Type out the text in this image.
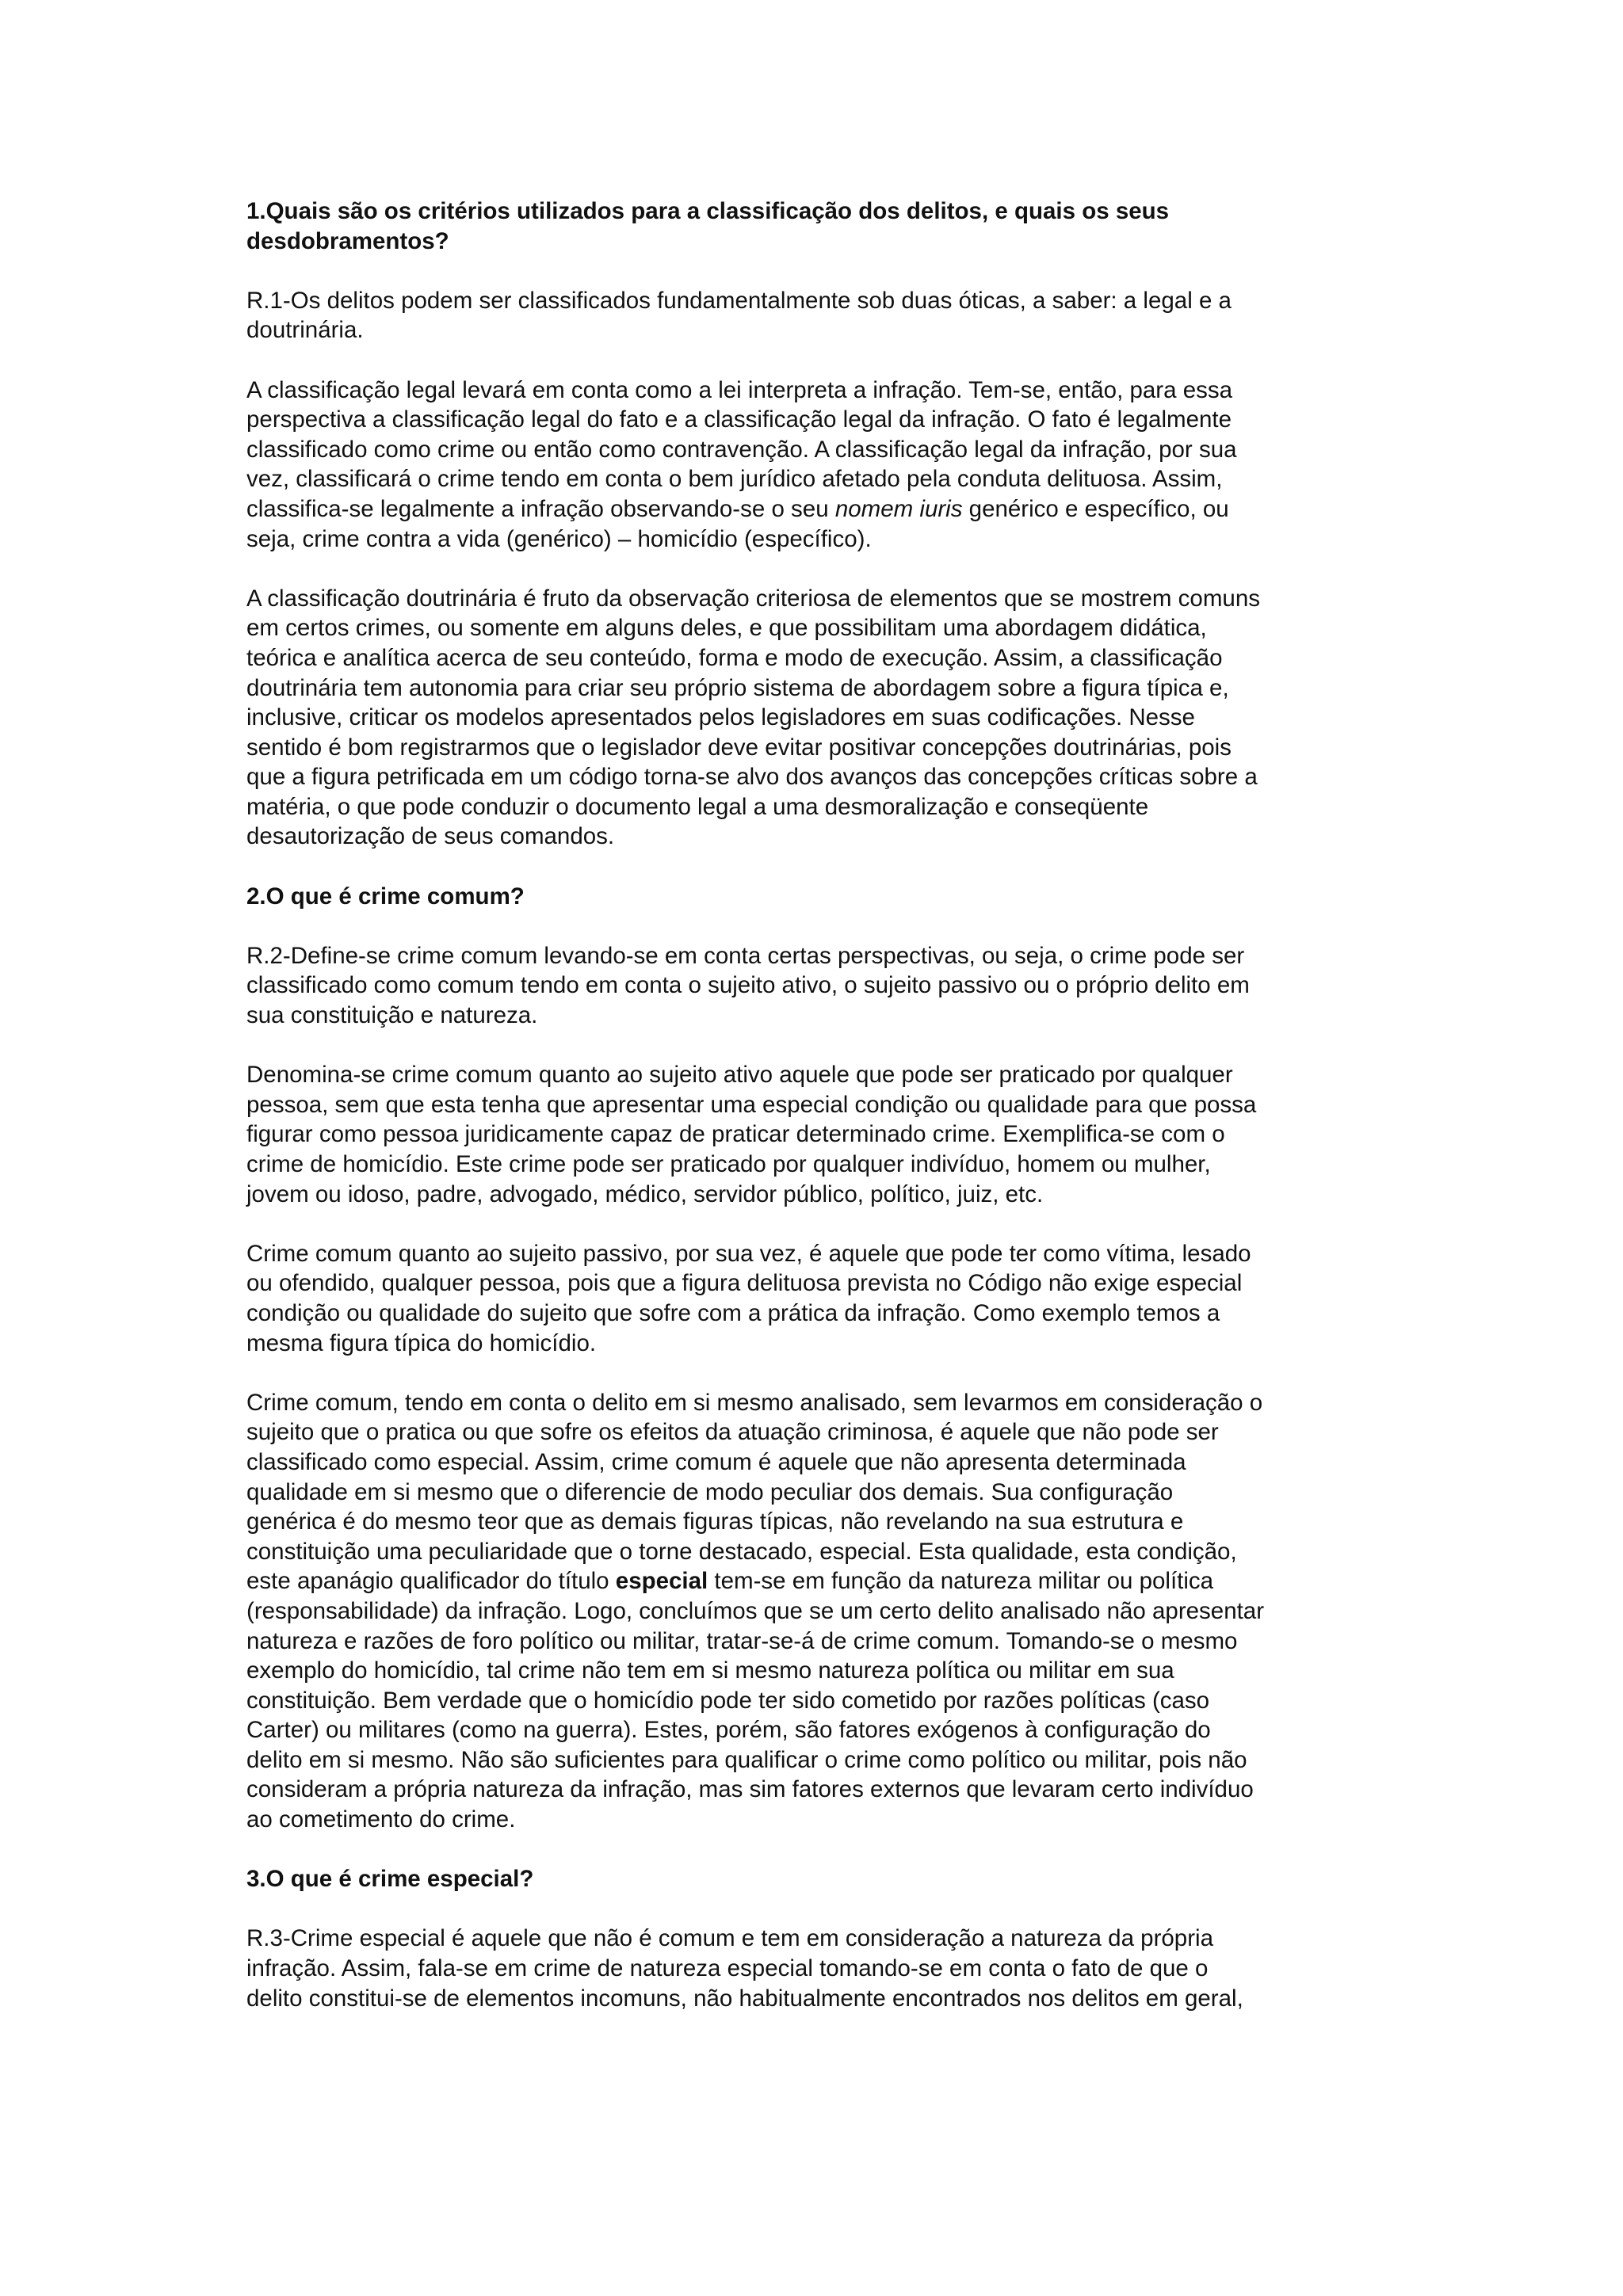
1.Quais são os critérios utilizados para a classificação dos delitos, e quais os seus
desdobramentos?

R.1-Os delitos podem ser classificados fundamentalmente sob duas óticas, a saber: a legal e a
doutrinária.

A classificação legal levará em conta como a lei interpreta a infração. Tem-se, então, para essa
perspectiva a classificação legal do fato e a classificação legal da infração. O fato é legalmente
classificado como crime ou então como contravenção. A classificação legal da infração, por sua
vez, classificará o crime tendo em conta o bem jurídico afetado pela conduta delituosa. Assim,
classifica-se legalmente a infração observando-se o seu nomem iuris genérico e específico, ou
seja, crime contra a vida (genérico) – homicídio (específico).

A classificação doutrinária é fruto da observação criteriosa de elementos que se mostrem comuns
em certos crimes, ou somente em alguns deles, e que possibilitam uma abordagem didática,
teórica e analítica acerca de seu conteúdo, forma e modo de execução. Assim, a classificação
doutrinária tem autonomia para criar seu próprio sistema de abordagem sobre a figura típica e,
inclusive, criticar os modelos apresentados pelos legisladores em suas codificações. Nesse
sentido é bom registrarmos que o legislador deve evitar positivar concepções doutrinárias, pois
que a figura petrificada em um código torna-se alvo dos avanços das concepções críticas sobre a
matéria, o que pode conduzir o documento legal a uma desmoralização e conseqüente
desautorização de seus comandos.

2.O que é crime comum?

R.2-Define-se crime comum levando-se em conta certas perspectivas, ou seja, o crime pode ser
classificado como comum tendo em conta o sujeito ativo, o sujeito passivo ou o próprio delito em
sua constituição e natureza.

Denomina-se crime comum quanto ao sujeito ativo aquele que pode ser praticado por qualquer
pessoa, sem que esta tenha que apresentar uma especial condição ou qualidade para que possa
figurar como pessoa juridicamente capaz de praticar determinado crime. Exemplifica-se com o
crime de homicídio. Este crime pode ser praticado por qualquer indivíduo, homem ou mulher,
jovem ou idoso, padre, advogado, médico, servidor público, político, juiz, etc.

Crime comum quanto ao sujeito passivo, por sua vez, é aquele que pode ter como vítima, lesado
ou ofendido, qualquer pessoa, pois que a figura delituosa prevista no Código não exige especial
condição ou qualidade do sujeito que sofre com a prática da infração. Como exemplo temos a
mesma figura típica do homicídio.

Crime comum, tendo em conta o delito em si mesmo analisado, sem levarmos em consideração o
sujeito que o pratica ou que sofre os efeitos da atuação criminosa, é aquele que não pode ser
classificado como especial. Assim, crime comum é aquele que não apresenta determinada
qualidade em si mesmo que o diferencie de modo peculiar dos demais. Sua configuração
genérica é do mesmo teor que as demais figuras típicas, não revelando na sua estrutura e
constituição uma peculiaridade que o torne destacado, especial. Esta qualidade, esta condição,
este apanágio qualificador do título especial tem-se em função da natureza militar ou política
(responsabilidade) da infração. Logo, concluímos que se um certo delito analisado não apresentar
natureza e razões de foro político ou militar, tratar-se-á de crime comum. Tomando-se o mesmo
exemplo do homicídio, tal crime não tem em si mesmo natureza política ou militar em sua
constituição. Bem verdade que o homicídio pode ter sido cometido por razões políticas (caso
Carter) ou militares (como na guerra). Estes, porém, são fatores exógenos à configuração do
delito em si mesmo. Não são suficientes para qualificar o crime como político ou militar, pois não
consideram a própria natureza da infração, mas sim fatores externos que levaram certo indivíduo
ao cometimento do crime.

3.O que é crime especial?

R.3-Crime especial é aquele que não é comum e tem em consideração a natureza da própria
infração. Assim, fala-se em crime de natureza especial tomando-se em conta o fato de que o
delito constitui-se de elementos incomuns, não habitualmente encontrados nos delitos em geral,
